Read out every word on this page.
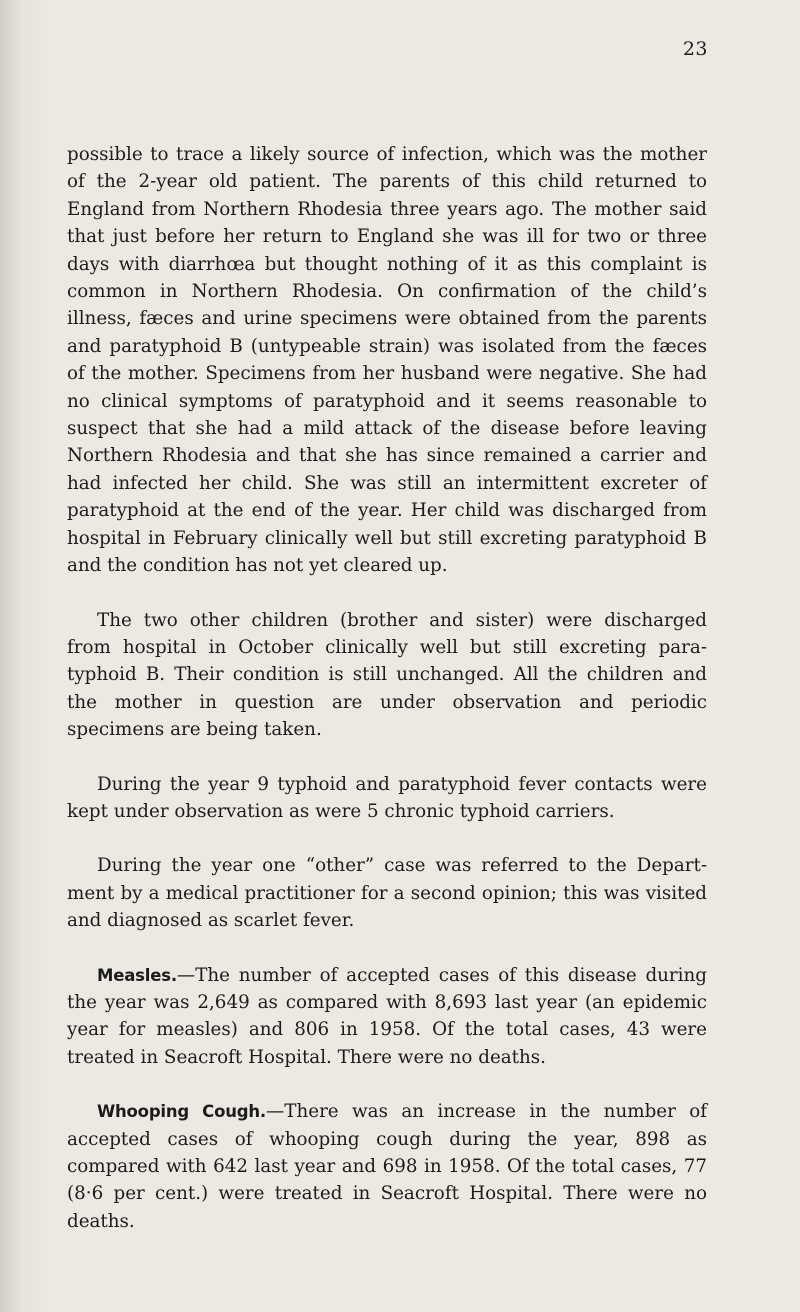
23

possible to trace a likely source of infection, which was the mother of the 2-year old patient. The parents of this child returned to England from Northern Rhodesia three years ago. The mother said that just before her return to England she was ill for two or three days with diarrhœa but thought nothing of it as this complaint is common in Northern Rhodesia. On confirmation of the child’s illness, fæces and urine specimens were obtained from the parents and paratyphoid B (untypeable strain) was isolated from the fæces of the mother. Specimens from her husband were negative. She had no clinical symptoms of paratyphoid and it seems reasonable to suspect that she had a mild attack of the disease before leaving Northern Rhodesia and that she has since remained a carrier and had infected her child. She was still an intermittent excreter of paratyphoid at the end of the year. Her child was discharged from hospital in February clinically well but still excreting paratyphoid B and the condition has not yet cleared up.

The two other children (brother and sister) were discharged from hospital in October clinically well but still excreting para- typhoid B. Their condition is still unchanged. All the children and the mother in question are under observation and periodic specimens are being taken.

During the year 9 typhoid and paratyphoid fever contacts were kept under observation as were 5 chronic typhoid carriers.

During the year one “other” case was referred to the Depart- ment by a medical practitioner for a second opinion; this was visited and diagnosed as scarlet fever.

Measles.—The number of accepted cases of this disease during the year was 2,649 as compared with 8,693 last year (an epidemic year for measles) and 806 in 1958. Of the total cases, 43 were treated in Seacroft Hospital. There were no deaths.

Whooping Cough.—There was an increase in the number of accepted cases of whooping cough during the year, 898 as compared with 642 last year and 698 in 1958. Of the total cases, 77 (8·6 per cent.) were treated in Seacroft Hospital. There were no deaths.
